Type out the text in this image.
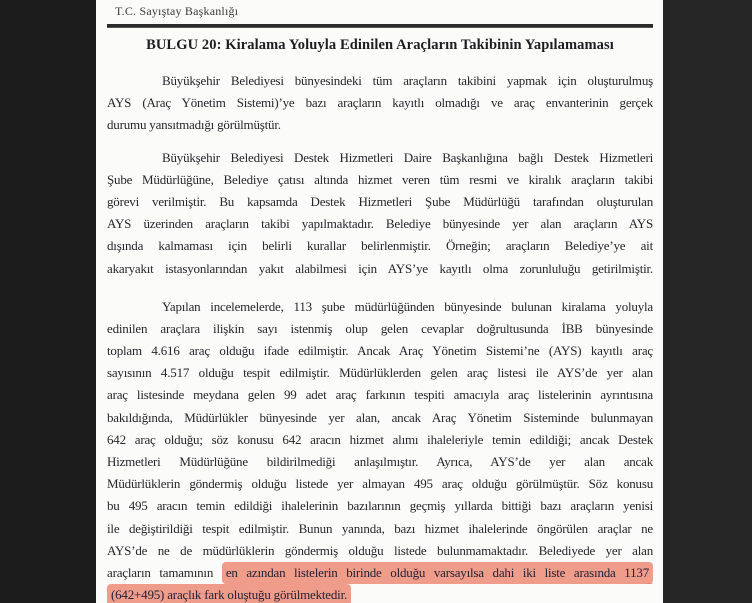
T.C. Sayıştay Başkanlığı
BULGU 20: Kiralama Yoluyla Edinilen Araçların Takibinin Yapılamaması
Büyükşehir Belediyesi bünyesindeki tüm araçların takibini yapmak için oluşturulmuş
AYS (Araç Yönetim Sistemi)’ye bazı araçların kayıtlı olmadığı ve araç envanterinin gerçek
durumu yansıtmadığı görülmüştür.
Büyükşehir Belediyesi Destek Hizmetleri Daire Başkanlığına bağlı Destek Hizmetleri
Şube Müdürlüğüne, Belediye çatısı altında hizmet veren tüm resmi ve kiralık araçların takibi
görevi verilmiştir. Bu kapsamda Destek Hizmetleri Şube Müdürlüğü tarafından oluşturulan
AYS üzerinden araçların takibi yapılmaktadır. Belediye bünyesinde yer alan araçların AYS
dışında kalmaması için belirli kurallar belirlenmiştir. Örneğin; araçların Belediye’ye ait
akaryakıt istasyonlarından yakıt alabilmesi için AYS’ye kayıtlı olma zorunluluğu getirilmiştir.
Yapılan incelemelerde, 113 şube müdürlüğünden bünyesinde bulunan kiralama yoluyla
edinilen araçlara ilişkin sayı istenmiş olup gelen cevaplar doğrultusunda İBB bünyesinde
toplam 4.616 araç olduğu ifade edilmiştir. Ancak Araç Yönetim Sistemi’ne (AYS) kayıtlı araç
sayısının 4.517 olduğu tespit edilmiştir. Müdürlüklerden gelen araç listesi ile AYS’de yer alan
araç listesinde meydana gelen 99 adet araç farkının tespiti amacıyla araç listelerinin ayrıntısına
bakıldığında, Müdürlükler bünyesinde yer alan, ancak Araç Yönetim Sisteminde bulunmayan
642 araç olduğu; söz konusu 642 aracın hizmet alımı ihaleleriyle temin edildiği; ancak Destek
Hizmetleri Müdürlüğüne bildirilmediği anlaşılmıştır. Ayrıca, AYS’de yer alan ancak
Müdürlüklerin göndermiş olduğu listede yer almayan 495 araç olduğu görülmüştür. Söz konusu
bu 495 aracın temin edildiği ihalelerinin bazılarının geçmiş yıllarda bittiği bazı araçların yenisi
ile değiştirildiği tespit edilmiştir. Bunun yanında, bazı hizmet ihalelerinde öngörülen araçlar ne
AYS’de ne de müdürlüklerin göndermiş olduğu listede bulunmamaktadır. Belediyede yer alan
araçların tamamının en azından listelerin birinde olduğu varsayılsa dahi iki liste arasında 1137
(642+495) araçlık fark oluştuğu görülmektedir.
